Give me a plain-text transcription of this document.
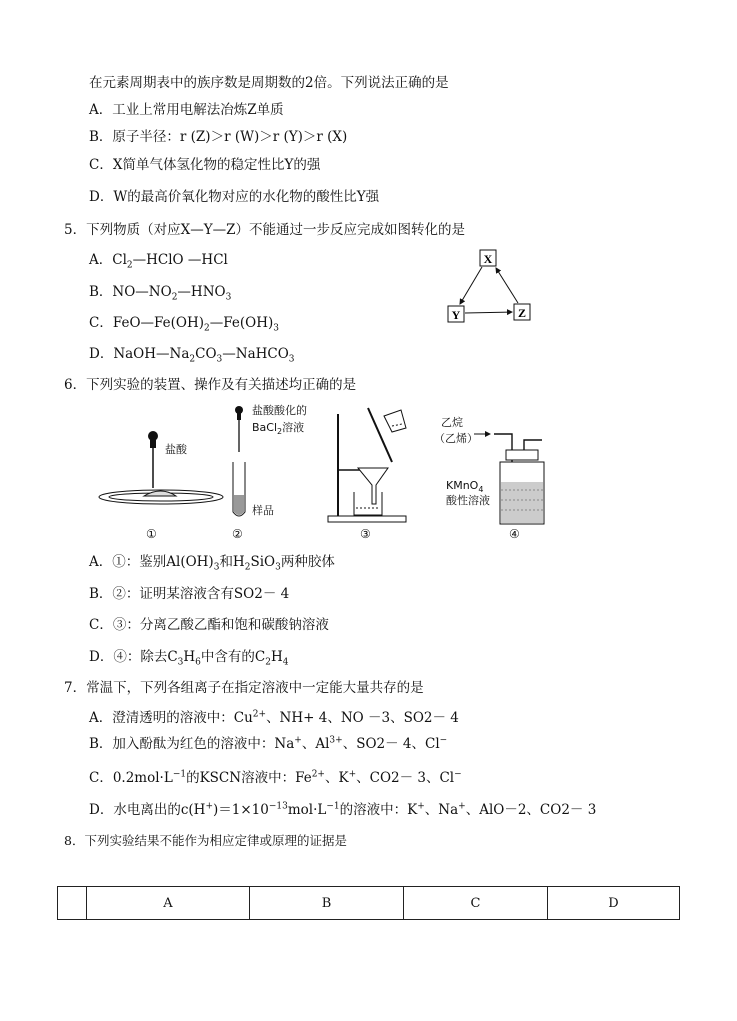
在元素周期表中的族序数是周期数的2倍。下列说法正确的是
A．工业上常用电解法冶炼Z单质
B．原子半径：r (Z)＞r (W)＞r (Y)＞r (X)
C．X简单气体氢化物的稳定性比Y的强
D．W的最高价氧化物对应的水化物的酸性比Y强
5．下列物质（对应X—Y—Z）不能通过一步反应完成如图转化的是
A．$Cl_2—HClO$ —HCl
B．$NO—NO_2—HNO_3$
C．$FeO—Fe(OH)_2—Fe(OH)_3$
D．$NaOH—Na_2CO_3—NaHCO_3$
X
Y	Z
6．下列实验的装置、操作及有关描述均正确的是
盐酸
①
盐酸酸化的
BaCl$_2$溶液
样品
②	③
乙烷
（乙烯）
KMnO$_4$
酸性溶液
④
A．①：鉴别$Al(OH)_3$和$H_2SiO_3$两种胶体
B．②：证明某溶液含有SO2－ 4
C．③：分离乙酸乙酯和饱和碳酸钠溶液
D．④：除去$C_3H_6$中含有的$C_2H_4$
7．常温下，下列各组离子在指定溶液中一定能大量共存的是
A．澄清透明的溶液中：$Cu^{2+}$、NH+ 4、NO －3、SO2－ 4
B．加入酚酞为红色的溶液中：Na+、$Al^{3+}$、SO2－ 4、Cl−
C．$0.2mol\cdot L^{-1}$的KSCN溶液中：$Fe^{2+}$、K+、CO2－ 3、Cl−
D．水电离出的$c(H^+)=1\times 10^{-13}mol\cdot L^{-1}$的溶液中：K+、Na+、AlO－2、CO2－ 3
8．下列实验结果不能作为相应定律或原理的证据是
	A	B	C	D
